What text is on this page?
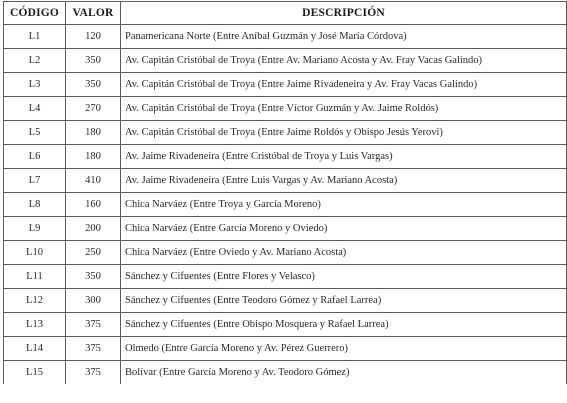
CÓDIGO	VALOR	DESCRIPCIÓN
L1	120	Panamericana Norte (Entre Aníbal Guzmán y José María Córdova)
L2	350	Av. Capitán Cristóbal de Troya (Entre Av. Mariano Acosta y Av. Fray Vacas Galindo)
L3	350	Av. Capitán Cristóbal de Troya (Entre Jaime Rivadeneira y Av. Fray Vacas Galindo)
L4	270	Av. Capitán Cristóbal de Troya (Entre Víctor Guzmán y Av. Jaime Roldós)
L5	180	Av. Capitán Cristóbal de Troya (Entre Jaime Roldós y Obispo Jesús Yerovi)
L6	180	Av. Jaime Rivadeneira (Entre Cristóbal de Troya y Luis Vargas)
L7	410	Av. Jaime Rivadeneira (Entre Luis Vargas y Av. Mariano Acosta)
L8	160	Chica Narváez (Entre Troya y García Moreno)
L9	200	Chica Narváez (Entre García Moreno y Oviedo)
L10	250	Chica Narváez (Entre Oviedo y Av. Mariano Acosta)
L11	350	Sánchez y Cifuentes (Entre Flores y Velasco)
L12	300	Sánchez y Cifuentes (Entre Teodoro Gómez y Rafael Larrea)
L13	375	Sánchez y Cifuentes (Entre Obispo Mosquera y Rafael Larrea)
L14	375	Olmedo (Entre García Moreno y Av. Pérez Guerrero)
L15	375	Bolívar (Entre García Moreno y Av. Teodoro Gómez)
